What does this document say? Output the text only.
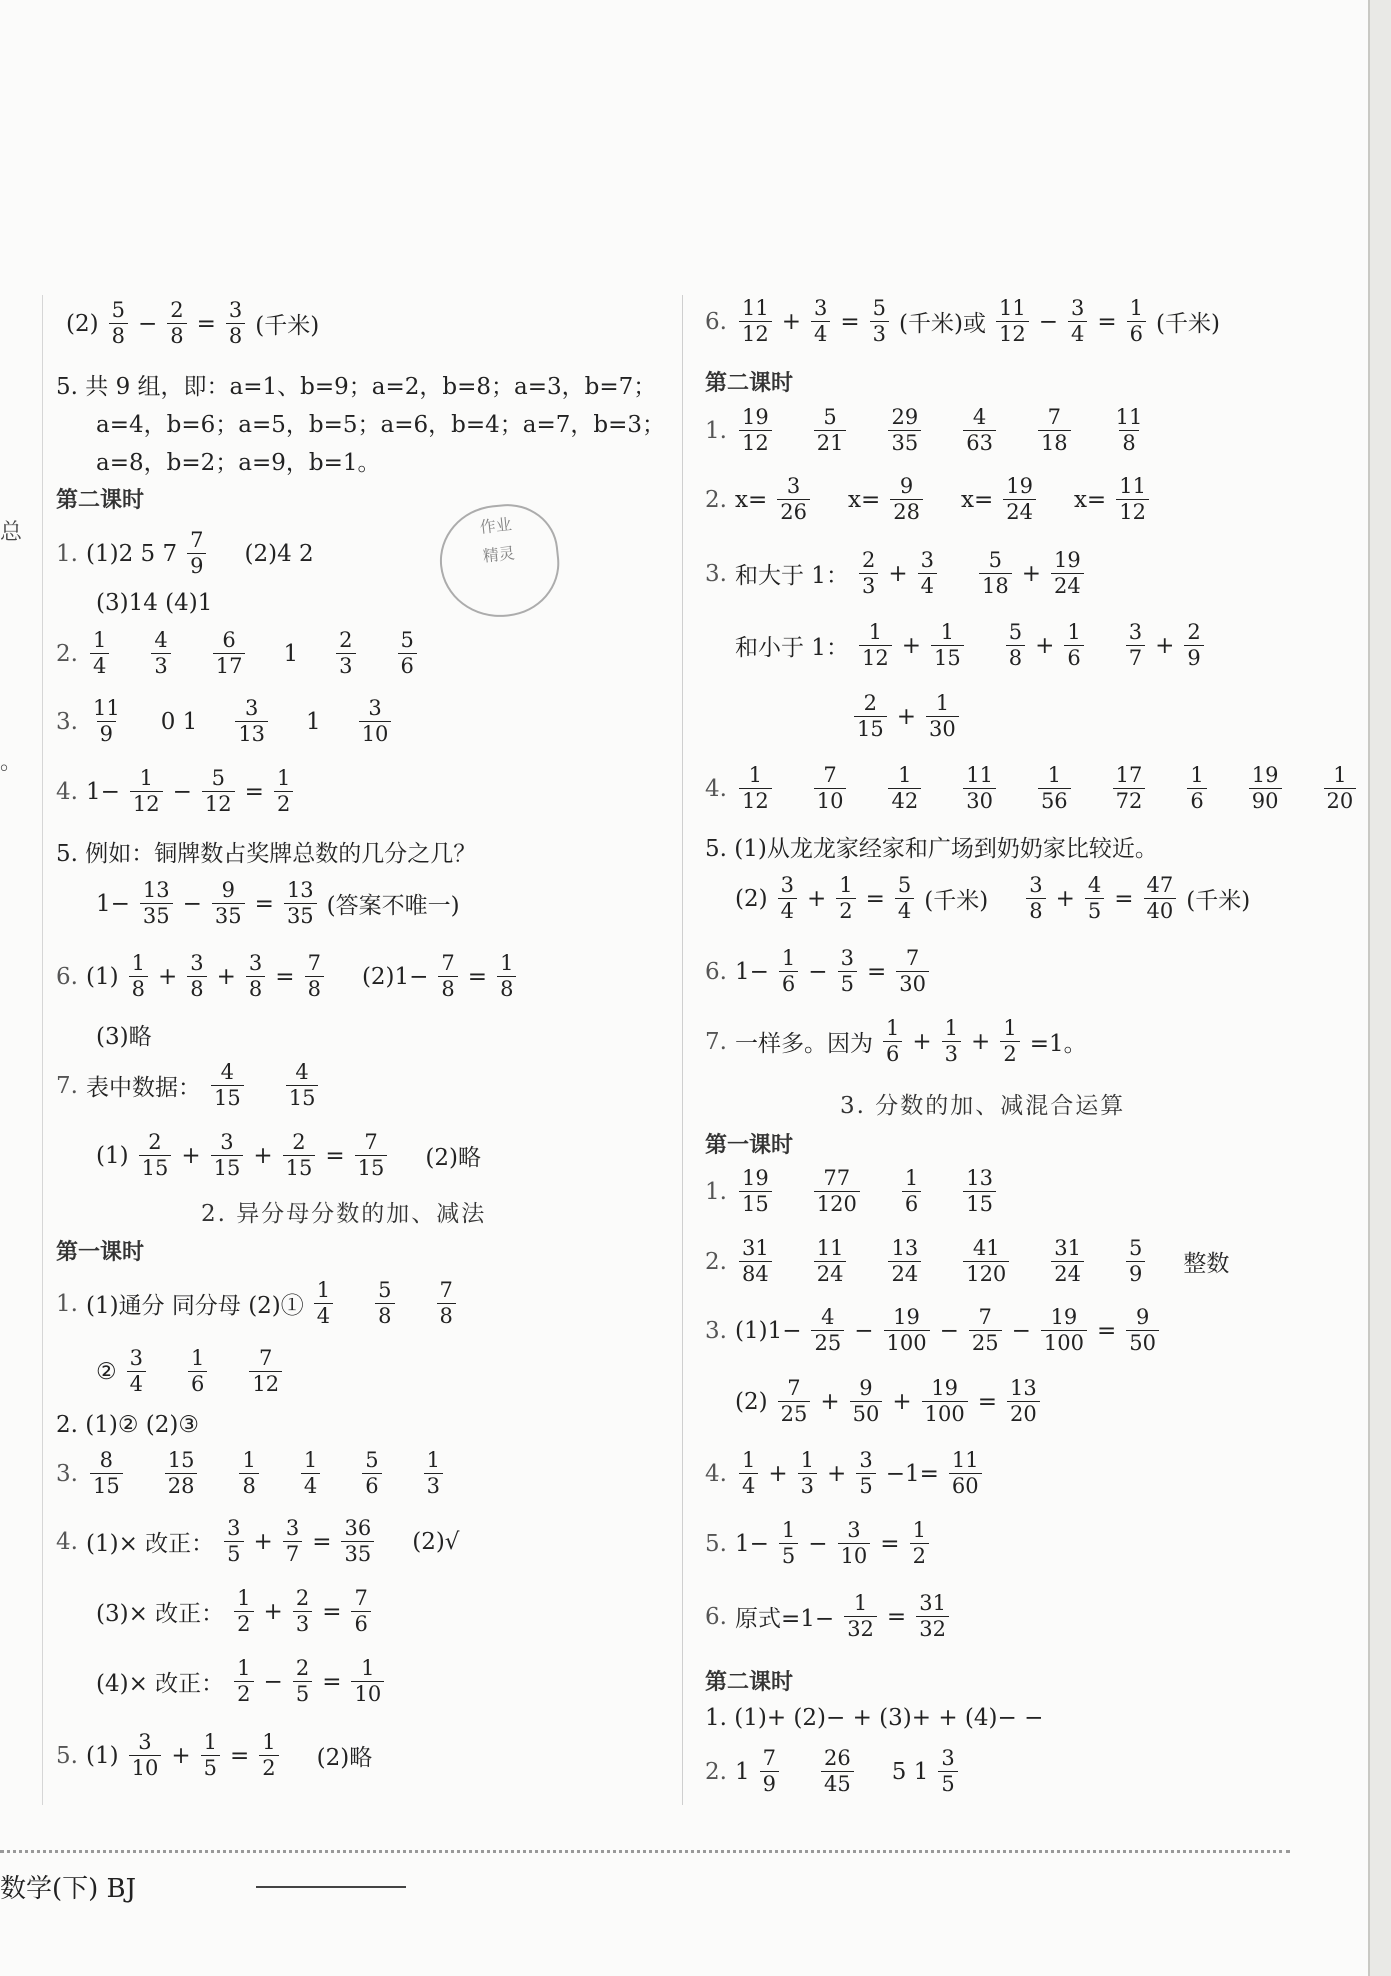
总
。
作业
精灵
(2)
5
8 −
2
8 =
3
8 (千米)
5. 共 9 组，即：a=1、b=9；a=2，b=8；a=3，b=7；
a=4，b=6；a=5，b=5；a=6，b=4；a=7，b=3；
a=8，b=2；a=9，b=1。
第二课时
1. (1)2 5 7
7
9 (2)4 2
(3)14 (4)1
2.
1
4
4
3
6
17 1
2
3
5
6
3.
11
9 0 1
3
13 1
3
10
4. $1- \frac{1}{12}$ −
5
12 =
1
2
5. 例如：铜牌数占奖牌总数的几分之几？
$1- \frac{13}{35}$ −
9
35 =
13
35 (答案不唯一)
6. (1)
1
8 +
3
8 +
3
8 =
7
8 $(2)1- \frac{7}{8}$ =
1
8
(3)略
7. 表中数据：
4
15
4
15
(1)
2
15 +
3
15 +
2
15 =
7
15 (2)略
2. 异分母分数的加、减法
第一课时
1. (1)通分 同分母 (2)①
1
4
5
8
7
8
②
3
4
1
6
7
12
2. (1)② (2)③
3.
8
15
15
28
1
8
1
4
5
6
1
3
4. (1)× 改正：
3
5 +
3
7 =
36
35 (2)√
(3)× 改正：
1
2 +
2
3 =
7
6
(4)× 改正：
1
2 −
2
5 =
1
10
5. (1)
3
10 +
1
5 =
1
2 (2)略
6.
11
12 +
3
4 =
5
3 (千米)或
11
12 −
3
4 =
1
6 (千米)
第二课时
1.
19
12
5
21
29
35
4
63
7
18
11
8
2. $x= \frac{3}{26} x= \frac{9}{28} x= \frac{19}{24} x= \frac{11}{12}$
3. 和大于 1：
2
3 +
3
4
5
18 +
19
24
和小于 1：
1
12 +
1
15
5
8 +
1
6
3
7 +
2
9
2
15 +
1
30
4.
1
12
7
10
1
42
11
30
1
56
17
72
1
6
19
90
1
20
5. (1)从龙龙家经家和广场到奶奶家比较近。
(2)
3
4 +
1
2 =
5
4 (千米)
3
8 +
4
5 =
47
40 (千米)
6. $1- \frac{1}{6}$ −
3
5 =
7
30
7. 一样多。因为
1
6 +
1
$3 + \frac{1}{2} =1$。
3. 分数的加、减混合运算
第一课时
1.
19
15
77
120
1
6
13
15
2.
31
84
11
24
13
24
41
120
31
24
5
9 整数
3. $(1)1- \frac{4}{25}$ −
19
100 −
7
25 −
19
100 =
9
50
(2)
7
25 +
9
50 +
19
100 =
13
20
4.
1
4 +
1
3 +
3
$5 -1= \frac{11}{60}$
5. $1- \frac{1}{5}$ −
3
10 =
1
2
6. 原式$=1- \frac{1}{32}$ =
31
32
第二课时
1. (1)+ (2)− + (3)+ + (4)− −
2. 1
7
9
26
45 5 1
3
5
数学(下) BJ
